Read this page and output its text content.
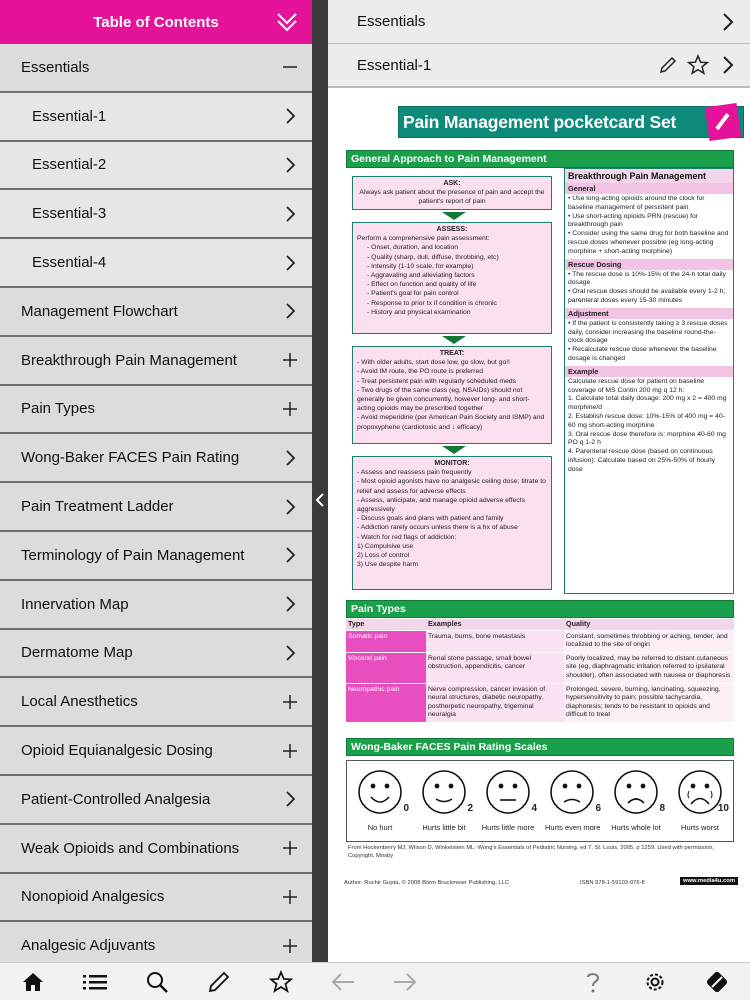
Table of Contents
Essentials
Essential-1
Essential-2
Essential-3
Essential-4
Management Flowchart
Breakthrough Pain Management
Pain Types
Wong-Baker FACES Pain Rating
Pain Treatment Ladder
Terminology of Pain Management
Innervation Map
Dermatome Map
Local Anesthetics
Opioid Equianalgesic Dosing
Patient-Controlled Analgesia
Weak Opioids and Combinations
Nonopioid Analgesics
Analgesic Adjuvants
Essentials
Essential-1
Pain Management pocketcard Set
General Approach to Pain Management
ASK:
Always ask patient about the presence of pain and accept the patient's report of pain
ASSESS:
Perform a comprehensive pain assessment:
- Onset, duration, and location
- Quality (sharp, dull, diffuse, throbbing, etc)
- Intensity (1-10 scale, for example)
- Aggravating and alleviating factors
- Effect on function and quality of life
- Patient's goal for pain control
- Response to prior tx if condition is chronic
- History and physical examination
TREAT:
- With older adults, start dose low, go slow, but go!!
- Avoid IM route, the PO route is preferred
- Treat persistent pain with regularly scheduled meds
- Two drugs of the same class (eg, NSAIDs) should not generally be given concurrently, however long- and short-acting opioids may be prescribed together
- Avoid meperidine (per American Pain Society and ISMP) and propoxyphene (cardiotoxic and ↓ efficacy)
MONITOR:
- Assess and reassess pain frequently
- Most opioid agonists have no analgesic ceiling dose; titrate to relief and assess for adverse effects
- Assess, anticipate, and manage opioid adverse effects aggressively
- Discuss goals and plans with patient and family
- Addiction rarely occurs unless there is a hx of abuse
- Watch for red flags of addiction:
1) Compulsive use
2) Loss of control
3) Use despite harm
Breakthrough Pain Management
General
• Use long-acting opioids around the clock for baseline management of persistent pain
• Use short-acting opioids PRN (rescue) for breakthrough pain
• Consider using the same drug for both baseline and rescue doses whenever possible (eg long-acting morphine + short-acting morphine)
Rescue Dosing
• The rescue dose is 10%-15% of the 24-h total daily dosage
• Oral rescue doses should be available every 1-2 h; parenteral doses every 15-30 minutes
Adjustment
• If the patient is consistently taking ≥ 3 rescue doses daily, consider increasing the baseline round-the-clock dosage
• Recalculate rescue dose whenever the baseline dosage is changed
Example
Calculate rescue dose for patient on baseline coverage of MS Contin 200 mg q 12 h:
1. Calculate total daily dosage: 200 mg x 2 = 400 mg morphine/d
2. Establish rescue dose: 10%-15% of 400 mg = 40-60 mg short-acting morphine
3. Oral rescue dose therefore is: morphine 40-60 mg PO q 1-2 h
4. Parenteral rescue dose (based on continuous infusion): Calculate based on 25%-50% of hourly dose
Pain Types
Type	Examples	Quality
Somatic pain	Trauma, burns, bone metastasis	Constant, sometimes throbbing or aching, tender, and localized to the site of origin
Visceral pain	Renal stone passage, small bowel obstruction, appendicitis, cancer	Poorly localized, may be referred to distant cutaneous site (eg, diaphragmatic irritation referred to ipsilateral shoulder), often associated with nausea or diaphoresis
Neuropathic pain	Nerve compression, cancer invasion of neural structures, diabetic neuropathy, postherpetic neuropathy, trigeminal neuralgia	Prolonged, severe, burning, lancinating, squeezing, hypersensitivity to pain; possible tachycardia, diaphoresis; tends to be resistant to opioids and difficult to treat
Wong-Baker FACES Pain Rating Scales
0
No hurt
2
Hurts little bit
4
Hurts little more
6
Hurts even more
8
Hurts whole lot
10
Hurts worst
From Hockenberry MJ, Wilson D, Winkelstein ML: Wong's Essentials of Pediatric Nursing, ed 7, St. Louis, 2005, p 1259. Used with permission, Copyright, Mosby
Author: Ruchir Gupta, © 2008 Börm Bruckmeier Publishing, LLC	ISBN 978-1-59103-076-8	www.media4u.com
